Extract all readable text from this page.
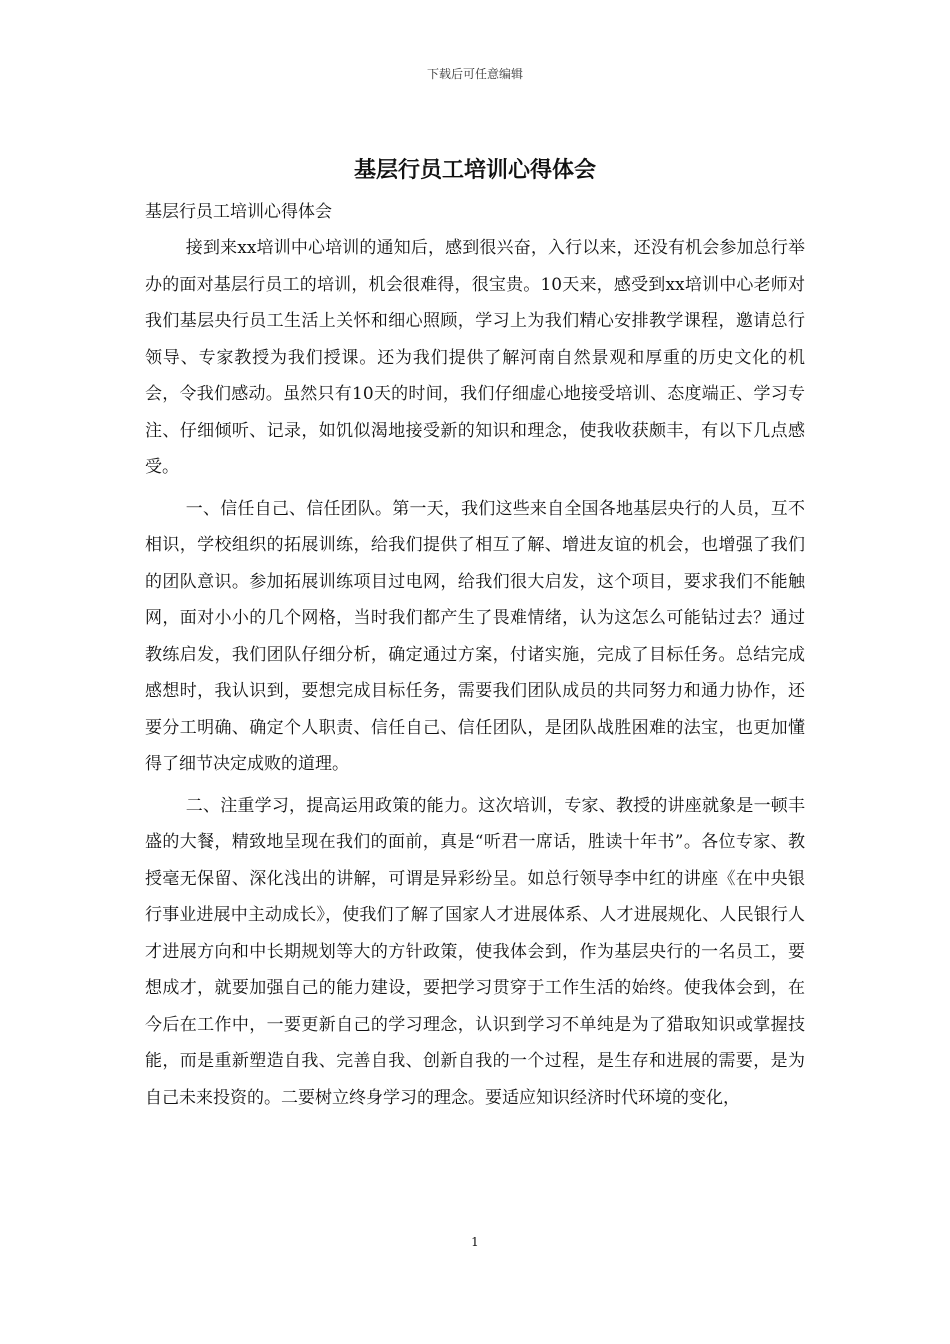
下载后可任意编辑
基层行员工培训心得体会

基层行员工培训心得体会

接到来xx培训中心培训的通知后，感到很兴奋，入行以来，还没有机会参加总行举办的面对基层行员工的培训，机会很难得，很宝贵。10天来，感受到xx培训中心老师对我们基层央行员工生活上关怀和细心照顾，学习上为我们精心安排教学课程，邀请总行领导、专家教授为我们授课。还为我们提供了解河南自然景观和厚重的历史文化的机会，令我们感动。虽然只有10天的时间，我们仔细虚心地接受培训、态度端正、学习专注、仔细倾听、记录，如饥似渴地接受新的知识和理念，使我收获颇丰，有以下几点感受。

一、信任自己、信任团队。第一天，我们这些来自全国各地基层央行的人员，互不相识，学校组织的拓展训练，给我们提供了相互了解、增进友谊的机会，也增强了我们的团队意识。参加拓展训练项目过电网，给我们很大启发，这个项目，要求我们不能触网，面对小小的几个网格，当时我们都产生了畏难情绪，认为这怎么可能钻过去？通过教练启发，我们团队仔细分析，确定通过方案，付诸实施，完成了目标任务。总结完成感想时，我认识到，要想完成目标任务，需要我们团队成员的共同努力和通力协作，还要分工明确、确定个人职责、信任自己、信任团队，是团队战胜困难的法宝，也更加懂得了细节决定成败的道理。

二、注重学习，提高运用政策的能力。这次培训，专家、教授的讲座就象是一顿丰盛的大餐，精致地呈现在我们的面前，真是“听君一席话，胜读十年书”。各位专家、教授毫无保留、深化浅出的讲解，可谓是异彩纷呈。如总行领导李中红的讲座《在中央银行事业进展中主动成长》，使我们了解了国家人才进展体系、人才进展规化、人民银行人才进展方向和中长期规划等大的方针政策，使我体会到，作为基层央行的一名员工，要想成才，就要加强自己的能力建设，要把学习贯穿于工作生活的始终。使我体会到，在今后在工作中，一要更新自己的学习理念，认识到学习不单纯是为了猎取知识或掌握技能，而是重新塑造自我、完善自我、创新自我的一个过程，是生存和进展的需要，是为自己未来投资的。二要树立终身学习的理念。要适应知识经济时代环境的变化，

1
